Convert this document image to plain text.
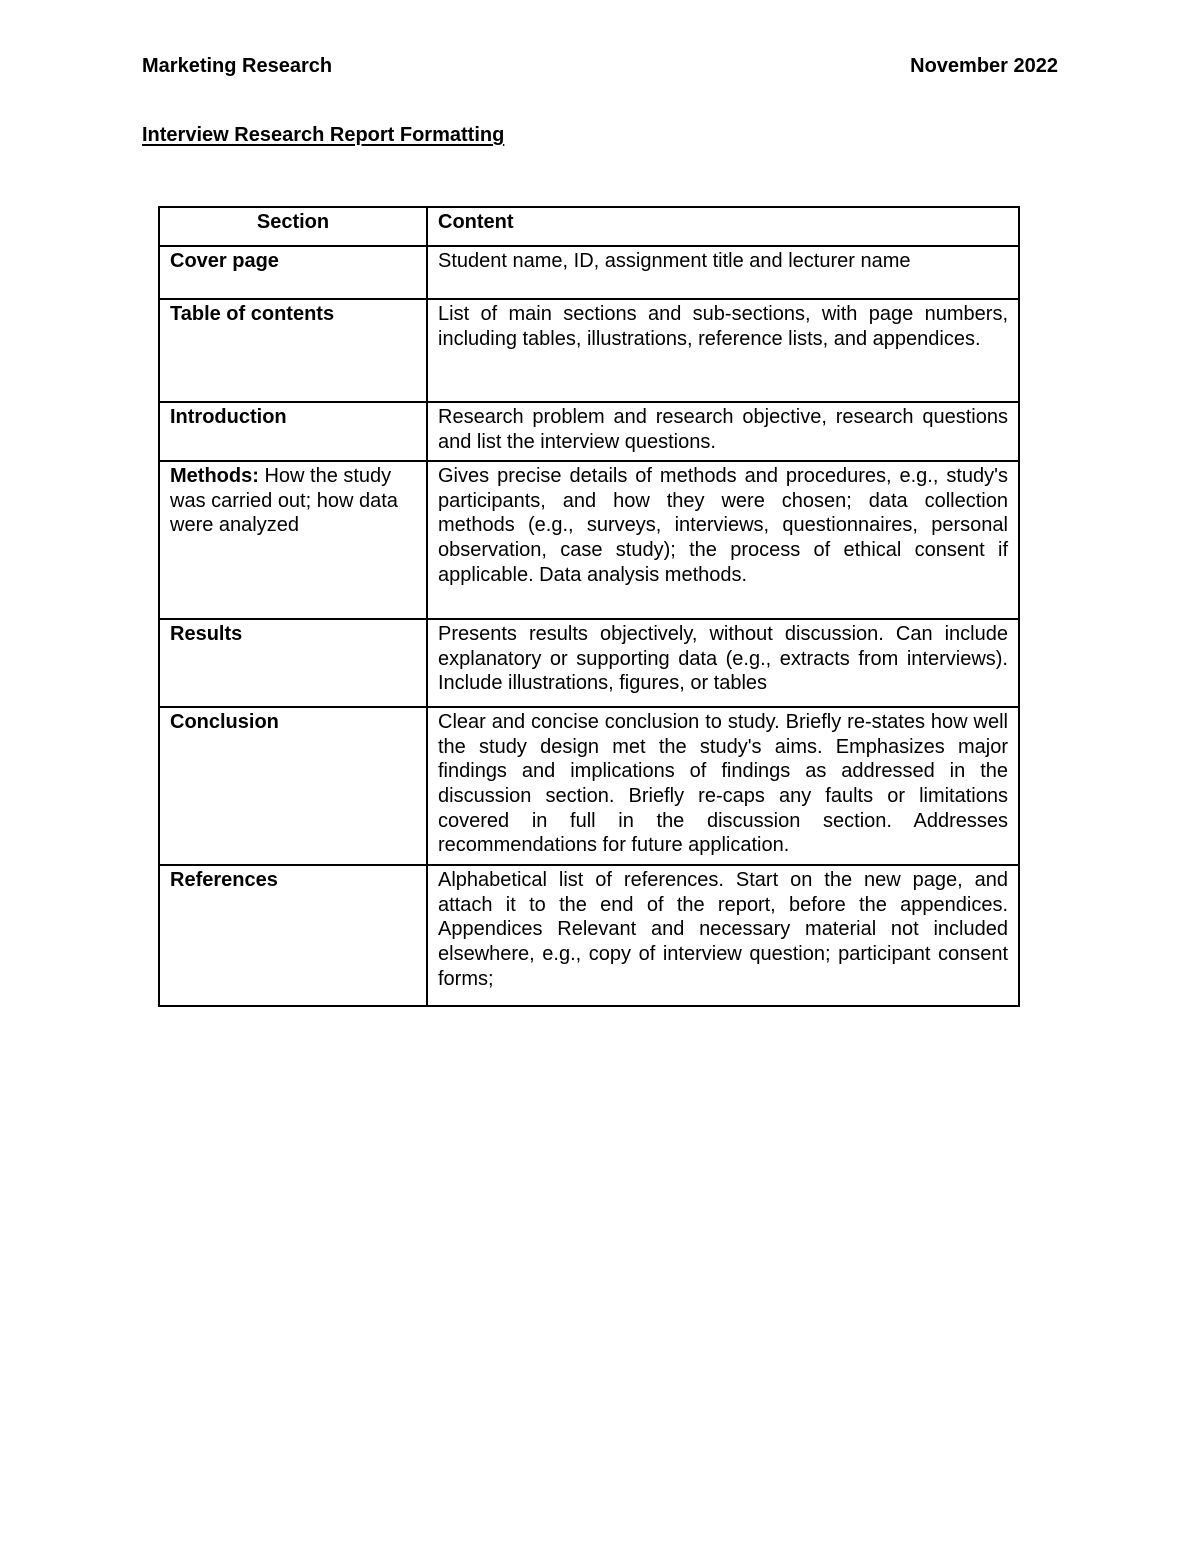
Marketing Research	November 2022
Interview Research Report Formatting
Section	Content
Cover page	Student name, ID, assignment title and lecturer name
Table of contents	List of main sections and sub-sections, with page numbers, including tables, illustrations, reference lists, and appendices.
Introduction	Research problem and research objective, research questions and list the interview questions.
Methods: How the study was carried out; how data were analyzed	Gives precise details of methods and procedures, e.g., study's participants, and how they were chosen; data collection methods (e.g., surveys, interviews, questionnaires, personal observation, case study); the process of ethical consent if applicable. Data analysis methods.
Results	Presents results objectively, without discussion. Can include explanatory or supporting data (e.g., extracts from interviews). Include illustrations, figures, or tables
Conclusion	Clear and concise conclusion to study. Briefly re-states how well the study design met the study's aims. Emphasizes major findings and implications of findings as addressed in the discussion section. Briefly re-caps any faults or limitations covered in full in the discussion section. Addresses recommendations for future application.
References	Alphabetical list of references. Start on the new page, and attach it to the end of the report, before the appendices. Appendices Relevant and necessary material not included elsewhere, e.g., copy of interview question; participant consent forms;
